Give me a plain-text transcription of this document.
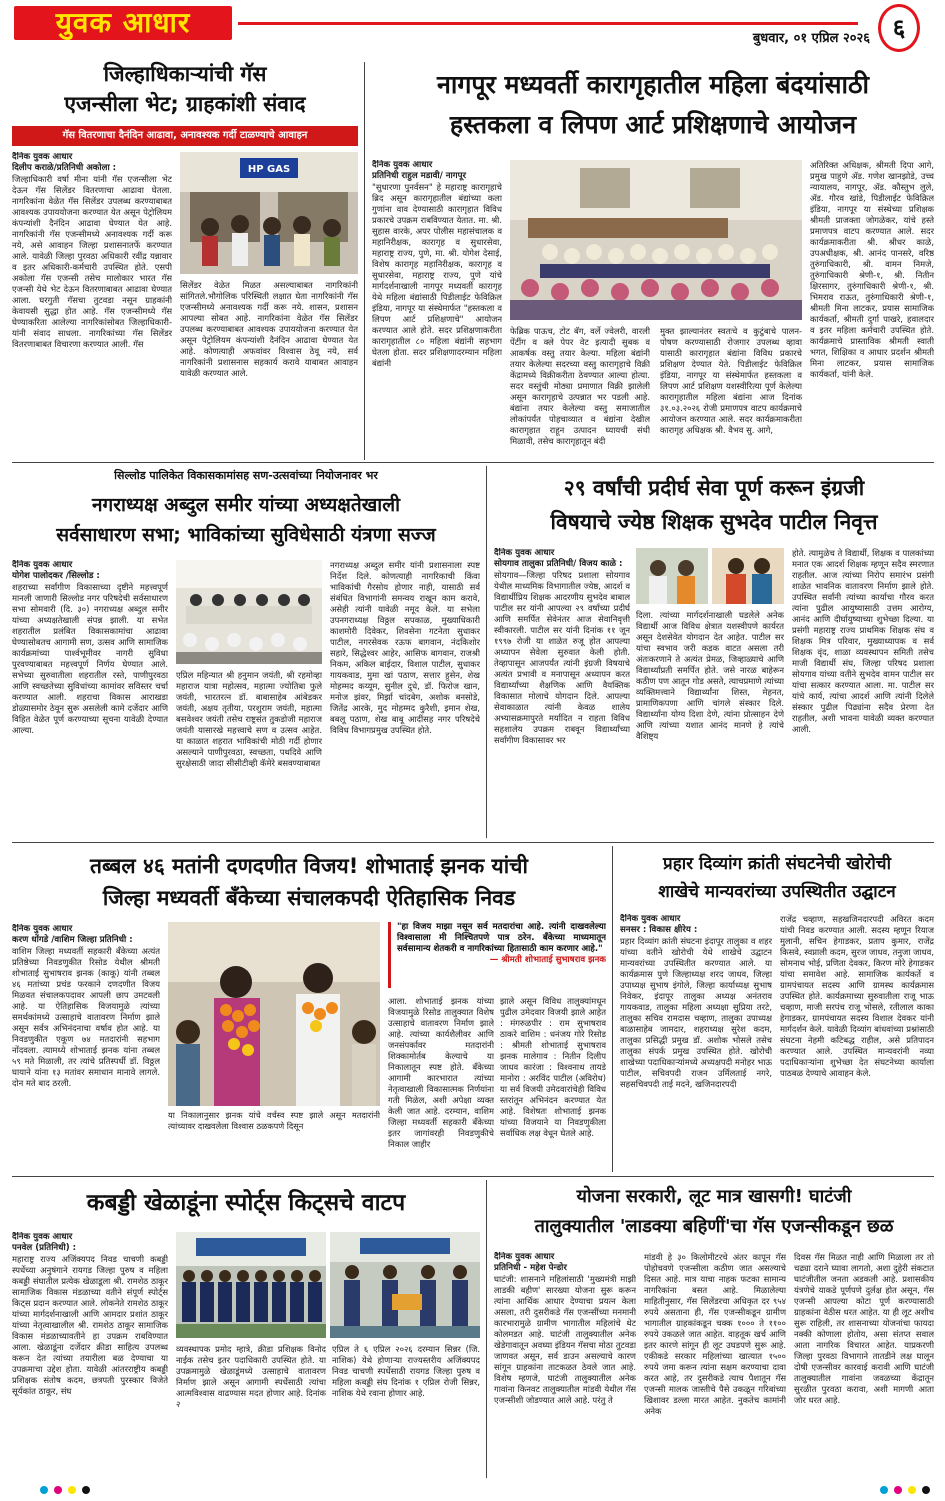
युवक आधार	बुधवार, ०१ एप्रिल २०२६ ६
जिल्हाधिकाऱ्यांची गॅस
एजन्सीला भेट; ग्राहकांशी संवाद
गॅस वितरणाचा दैनंदिन आढावा, अनावश्यक गर्दी टाळण्याचे आवाहन
दैनिक युवक आधार
दिलीप कराळे/प्रतिनिधी अकोला :
जिल्हाधिकारी वर्षा मीना यांनी गॅस एजन्सीला भेट देऊन गॅस सिलेंडर वितरणाचा आढावा घेतला. नागरिकांना वेळेत गॅस सिलेंडर उपलब्ध करण्याबाबत आवश्यक उपाययोजना करण्यात येत असून पेट्रोलियम कंपन्यांशी दैनंदिन आढावा घेण्यात येत आहे. नागरिकांनी गॅस एजन्सीमध्ये अनावश्यक गर्दी करू नये, असे आवाहन जिल्हा प्रशासनातर्फे करण्यात आले. यावेळी जिल्हा पुरवठा अधिकारी रवींद्र यन्नावार व इतर अधिकारी-कर्मचारी उपस्थित होते. एसपी अकोला गॅस एजन्सी तसेच मालोकार भारत गॅस एजन्सी येथे भेट देऊन वितरणाबाबत आढावा घेण्यात आला. घरगुती गॅसचा तुटवडा नसून ग्राहकांनी केवायसी सुद्धा होत आहे. गॅस एजन्सीमध्ये गॅस घेण्याकरिता आलेल्या नागरिकांसोबत जिल्हाधिकारी-यांनी संवाद साधला. नागरिकांच्या गॅस सिलेंडर वितरणाबाबत विचारणा करण्यात आली. गॅस
HP GAS
सिलेंडर वेळेत मिळत असल्याबाबत नागरिकांनी सांगितले.भौगोलिक परिस्थिती लक्षात घेता नागरिकांनी गॅस एजन्सीमध्ये अनावश्यक गर्दी करू नये. शासन, प्रशासन आपल्या सोबत आहे. नागरिकांना वेळेत गॅस सिलेंडर उपलब्ध करण्याबाबत आवश्यक उपाययोजना करण्यात येत असून पेट्रोलियम कंपन्यांशी दैनंदिन आढावा घेण्यात येत आहे. कोणत्याही अफवांवर विश्वास ठेवू नये, सर्व नागरिकांनी प्रशासनास सहकार्य करावे याबाबत आवाहन यावेळी करण्यात आले.
नागपूर मध्यवर्ती कारागृहातील महिला बंदयांसाठी
हस्तकला व लिपण आर्ट प्रशिक्षणाचे आयोजन
दैनिक युवक आधार
प्रतिनिधी राहुल मडावी/ नागपूर
"सुधारणा पुनर्वसन" हे महाराष्ट्र कारागृहाचे ब्रिद असून कारागृहातील बंद्यांच्या कला गुणांना वाव देण्यासाठी कारागृहात विविध प्रकारचे उपक्रम राबविण्यात येतात. मा. श्री. सुहास वारके, अपर पोलीस महासंचालक व महानिरीक्षक, कारागृह व सुधारसेवा, महाराष्ट्र राज्य, पुणे, मा. श्री. योगेश देसाई, विशेष कारागृह महानिरीक्षक, कारागृह व सुधारसेवा, महाराष्ट्र राज्य, पुणे यांचे मार्गदर्शनाखाली नागपूर मध्यवर्ती कारागृह येथे महिला बंद्यांसाठी पिडीलाईट फेविक्रिल इंडिया, नागपूर या संस्थेमार्फत "हस्तकला व लिपण आर्ट प्रशिक्षणाचे" आयोजन करण्यात आले होते. सदर प्रशिक्षणाकरीता कारागृहातील ८० महिला बंद्यांनी सहभाग घेतला होता. सदर प्रशिक्षणादरम्यान महिला बंद्यांनी
फेब्रिक पाऊच, टोट बॅग, वर्ले ज्वेलरी, वारली पेंटींग व क्ले पेपर वेट इत्यादी सुबक व आकर्षक वस्तु तयार केल्या. महिला बंद्यांनी तयार केलेल्या सदरच्या वस्तु कारागृहाचे विक्री केंद्रामध्ये विक्रीकरीता ठेवण्यात आल्या होत्या. सदर वस्तुंची मोठ्या प्रमाणात विक्री झालेली असून कारागृहाचे उत्पन्नात भर पडली आहे. बंद्यांना तयार केलेल्या वस्तु समाजातील लोकांपर्यंत पोहचाव्यात व बंद्यांना देखील कारागृहात राहून उत्पादन घ्यायची संधी मिळावी, तसेच कारागृहातून बंदी
मुक्त झाल्यानंतर स्वतःचे व कुटुंबाचे पालन-पोषण करण्यासाठी रोजगार उपलब्ध व्हावा यासाठी कारागृहात बंद्यांना विविध प्रकारचे प्रशिक्षण देण्यात येते. पिडीलाईट फेविक्रिल इंडिया, नागपूर या संस्थेमार्फत हस्तकला व लिपण आर्ट प्रशिक्षण यशस्वीरित्या पूर्ण केलेल्या कारागृहातील महिला बंद्यांना आज दिनांक ३१.०३.२०२६ रोजी प्रमाणपत्र वाटप कार्यक्रमाचे आयोजन करण्यात आले. सदर कार्यक्रमाकरीता कारागृह अधिक्षक श्री. वैभव सु. आगे,
अतिरिक्त अधिक्षक, श्रीमती दिपा आगे, प्रमुख पाहुणे ॲड. गणेश खानझोडे, उच्च न्यायालय, नागपूर, ॲड. कौस्तुभ लुले, ॲड. गौरव खांडे, पिडीलाईट फेविक्रिल इंडिया, नागपूर या संस्थेच्या प्रशिक्षक श्रीमती प्राजक्ता जोगळेकर, यांचे हस्ते प्रमाणपत्र वाटप करण्यात आले. सदर कार्यक्रमाकरीता श्री. श्रीधर काळे, उपअधीक्षक, श्री. आनंद पानसरे, वरिष्ठ तुरुंगाधिकारी, श्री. वामन निमजे, तुरुंगाधिकारी श्रेणी-१, श्री. नितीन क्षिरसागर, तुरुंगाधिकारी श्रेणी-१, श्री. भिमराव राऊत, तुरुंगाधिकारी श्रेणी-१, श्रीमती मिना लाटकर, प्रयास सामाजिक कार्यकर्ता, श्रीमती दुर्गा पाखरे, हवालदार व इतर महिला कर्मचारी उपस्थित होते. कार्यक्रमाचे प्रास्ताविक श्रीमती स्वाती भगत, शिक्षिका व आधार प्रदर्शन श्रीमती मिना लाटकर, प्रयास सामाजिक कार्यकर्ता, यांनी केले.
सिल्लोड पालिकेत विकासकामांसह सण-उत्सवांच्या नियोजनावर भर
नगराध्यक्ष अब्दुल समीर यांच्या अध्यक्षतेखाली
सर्वसाधारण सभा; भाविकांच्या सुविधेसाठी यंत्रणा सज्ज
दैनिक युवक आधार
योगेश पालोदकर /सिल्लोड :
शहराच्या सर्वांगीण विकासाच्या दृष्टीने महत्त्वपूर्ण मानली जाणारी सिल्लोड नगर परिषदेची सर्वसाधारण सभा सोमवारी (दि. ३०) नगराध्यक्ष अब्दुल समीर यांच्या अध्यक्षतेखाली संपन्न झाली. या सभेत शहरातील प्रलंबित विकासकामांचा आढावा घेण्यासोबतच आगामी सण, उत्सव आणि सामाजिक कार्यक्रमांच्या पार्श्वभूमीवर नागरी सुविधा पुरवण्याबाबत महत्त्वपूर्ण निर्णय घेण्यात आले. सभेच्या सुरुवातीला शहरातील रस्ते, पाणीपुरवठा आणि स्वच्छतेच्या सुविधांच्या कामांवर सविस्तर चर्चा करण्यात आली. शहराचा विकास आराखडा डोळ्यासमोर ठेवून सुरू असलेली कामे दर्जेदार आणि विहित वेळेत पूर्ण करण्याच्या सूचना यावेळी देण्यात आल्या.
एप्रिल महिन्यात श्री हनुमान जयंती, श्री रहमोव्हा महाराज यात्रा महोत्सव, महात्मा ज्योतिबा फुले जयंती, भारतरत्न डॉ. बाबासाहेब आंबेडकर जयंती, अक्षय तृतीया, परशुराम जयंती, महात्मा बसवेश्वर जयंती तसेच राष्ट्रसंत तुकडोजी महाराज जयंती यासारखे महत्त्वाचे सण व उत्सव आहेत. या काळात शहरात भाविकांची मोठी गर्दी होणार असल्याने पाणीपुरवठा, स्वच्छता, पथदिवे आणि सुरक्षेसाठी जादा सीसीटीव्ही कॅमेरे बसवण्याबाबत
नगराध्यक्ष अब्दुल समीर यांनी प्रशासनाला स्पष्ट निर्देश दिले. कोणत्याही नागरिकाची किंवा भाविकांची गैरसोय होणार नाही, यासाठी सर्व संबंधित विभागांनी समन्वय राखून काम करावे, असेही त्यांनी यावेळी नमूद केले. या सभेला उपनगराध्यक्ष विठ्ठल सपकाळ, मुख्याधिकारी काशमोरी दिवेकर, शिवसेना गटनेता सुधाकर पाटील, नगरसेवक रऊफ बागवान, नंदकिशोर सहारे, सिद्धेश्वर आहेर, आसिफ बागवान, राजश्री निकम, अकिल बाईदार, विशाल पाटील, सुधाकर गायकवाड, मुमा खां पठाण, सत्तार हुसेन, शेख मोहम्मद कय्यूम, सुनील दुधे, डॉ. फिरोज खान, मनोज झंवर, मिर्झा चांदबेग, अशोक बनसोडे, जितेंद्र आरके, मुद मोहम्मद कुरैशी, इमान शेख, बबलू पठाण, शेख बाबू आदींसह नगर परिषदेचे विविध विभागप्रमुख उपस्थित होते.
२९ वर्षांची प्रदीर्घ सेवा पूर्ण करून इंग्रजी
विषयाचे ज्येष्ठ शिक्षक सुभदेव पाटील निवृत्त
दैनिक युवक आधार
सोयगाव तालुका प्रतिनिधी/ विजय काळे :
सोयगाव—जिल्हा परिषद प्रशाला सोयगाव येथील माध्यमिक विभागातील ज्येष्ठ, आदर्श व विद्यार्थीप्रिय शिक्षक आदरणीय सुभदेव बाबाल पाटील सर यांनी आपल्या २९ वर्षांच्या प्रदीर्घ आणि समर्पित सेवेनंतर आज सेवानिवृत्ती स्वीकारली. पाटील सर यांनी दिनांक ११ जून १९९७ रोजी या शाळेत रुजू होत आपल्या अध्यापन सेवेला सुरुवात केली होती. तेव्हापासून आजपर्यंत त्यांनी इंग्रजी विषयाचे अत्यंत प्रभावी व मनापासून अध्यापन करत विद्यार्थ्यांच्या शैक्षणिक आणि वैयक्तिक विकासात मोलाचे योगदान दिले. आपल्या सेवाकाळात त्यांनी केवळ शालेय अभ्यासक्रमापुरते मर्यादित न राहता विविध सहशालेय उपक्रम राबवून विद्यार्थ्यांच्या सर्वांगीण विकासावर भर
दिला. त्यांच्या मार्गदर्शनाखाली घडलेले अनेक विद्यार्थी आज विविध क्षेत्रात यशस्वीपणे कार्यरत असून देशसेवेत योगदान देत आहेत. पाटील सर यांचा स्वभाव जरी कडक वाटत असला तरी अंतःकरणाने ते अत्यंत प्रेमळ, जिव्हाळ्याचे आणि विद्यार्थ्यांप्रती समर्पित होते. जसे नारळ बाहेरून कठीण पण आतून गोड असते, त्याचप्रमाणे त्यांच्या व्यक्तिमत्त्वाने विद्यार्थ्यांना शिस्त, मेहनत, प्रामाणिकपणा आणि चांगले संस्कार दिले. विद्यार्थ्यांना योग्य दिशा देणे, त्यांना प्रोत्साहन देणे आणि त्यांच्या यशात आनंद मानणे हे त्यांचे वैशिष्ट्य
होते. त्यामुळेच ते विद्यार्थी, शिक्षक व पालकांच्या मनात एक आदर्श शिक्षक म्हणून सदैव स्मरणात राहतील. आज त्यांच्या निरोप समारंभ प्रसंगी शाळेत भावनिक वातावरण निर्माण झाले होते. उपस्थित सर्वांनी त्यांच्या कार्याचा गौरव करत त्यांना पुढील आयुष्यासाठी उत्तम आरोग्य, आनंद आणि दीर्घायुष्याच्या शुभेच्छा दिल्या. या प्रसंगी महाराष्ट्र राज्य प्राथमिक शिक्षक संघ व शिक्षक मित्र परिवार, मुख्याध्यापक व सर्व शिक्षक वृंद, शाळा व्यवस्थापन समिती तसेच माजी विद्यार्थी संघ, जिल्हा परिषद प्रशाला सोयगाव यांच्या वतीने सुभदेव वामन पाटील सर यांचा सत्कार करण्यात आला. मा. पाटील सर यांचे कार्य, त्यांचा आदर्श आणि त्यांनी दिलेले संस्कार पुढील पिढ्यांना सदैव प्रेरणा देत राहतील, अशी भावना यावेळी व्यक्त करण्यात आली.
तब्बल ४६ मतांनी दणदणीत विजय! शोभाताई झनक यांची
जिल्हा मध्यवर्ती बँकेच्या संचालकपदी ऐतिहासिक निवड
दैनिक युवक आधार
करण धोंगडे /वाशिम जिल्हा प्रतिनिधी :
वाशिम जिल्हा मध्यवर्ती सहकारी बँकेच्या अत्यंत प्रतिष्ठेच्या निवडणुकीत रिसोड येथील श्रीमती शोभाताई सुभाषराव झनक (काकू) यांनी तब्बल ४६ मतांच्या प्रचंड फरकाने दणदणीत विजय मिळवत संचालकपदावर आपली छाप उमटवली आहे. या ऐतिहासिक विजयामुळे त्यांच्या समर्थकांमध्ये उत्साहाचे वातावरण निर्माण झाले असून सर्वत्र अभिनंदनाचा वर्षाव होत आहे. या निवडणुकीत एकूण ७४ मतदारांनी सहभाग नोंदवला. त्यामध्ये शोभाताई झनक यांना तब्बल ५९ मते मिळाली, तर त्यांचे प्रतिस्पर्धी डॉ. विठ्ठल घायाने यांना १३ मतांवर समाधान मानावे लागले. दोन मते बाद ठरली.
या निकालानुसार झनक यांचे वर्चस्व स्पष्ट झाले असून मतदारांनी त्यांच्यावर दाखवलेला विश्वास ठळकपणे दिसून
"हा विजय माझा नसून सर्व मतदारांचा आहे. त्यांनी दाखवलेल्या विश्वासाला मी निश्चितपणे पात्र ठरेन. बँकेच्या माध्यमातून सर्वसामान्य शेतकरी व नागरिकांच्या हितासाठी काम करणार आहे."
— श्रीमती शोभाताई सुभाषराव झनक
आला. शोभाताई झनक यांच्या विजयामुळे रिसोड तालुक्यात विशेष उत्साहाचे वातावरण निर्माण झाले आहे. त्यांच्या कार्यशैलीवर आणि जनसंपर्कावर मतदारांनी शिक्कामोर्तब केल्याचे या निकालातून स्पष्ट होते. बँकेच्या आगामी कारभारात त्यांच्या नेतृत्वाखाली विकासात्मक निर्णयांना गती मिळेल, अशी अपेक्षा व्यक्त केली जात आहे. दरम्यान, वाशिम जिल्हा मध्यवर्ती सहकारी बँकेच्या इतर जागांवरही निवडणुकीचे निकाल जाहीर
झाले असून विविध तालुक्यांमधून पुढील उमेदवार विजयी झाले आहेत : मंगरुळपीर : राम सुभाषराव ठाकरे वाशिम : धनंजय गोरे रिसोड : श्रीमती शोभाताई सुभाषराव झनक मालेगाव : नितीन दिलीप जाधव कारंजा : विश्वनाथ तायडे मानोरा : अरविंद पाटील (अविरोध) या सर्व विजयी उमेदवारांचेही विविध स्तरांतून अभिनंदन करण्यात येत आहे. विशेषतः शोभाताई झनक यांच्या विजयाने या निवडणुकीला सर्वाधिक लक्ष वेधून घेतले आहे.
प्रहार दिव्यांग क्रांती संघटनेची खोरोची
शाखेचे मान्यवरांच्या उपस्थितीत उद्घाटन
दैनिक युवक आधार
सनसर : विकास क्षीरेय :
प्रहार दिव्यांग क्रांती संघटना इंदापूर तालुका व शहर यांच्या वतीने खोरोची येथे शाखेचे उद्घाटन मान्यवरांच्या उपस्थितीत करण्यात आले. या कार्यक्रमास पुणे जिल्हाध्यक्ष शरद जाधव, जिल्हा उपाध्यक्ष सुभाष इंगोले, जिल्हा कार्याध्यक्ष सुभाष निवेकर, इंदापूर तालुका अध्यक्ष अनंतराव गायकवाड, तालुका महिला अध्यक्षा सुप्रिया तरटे, तालुका सचिव रामदास चव्हाण, तालुका उपाध्यक्ष बाळासाहेब जामदार, शहराध्यक्ष सुरेश कदम, तालुका प्रसिद्धी प्रमुख डॉ. अशोक भोसले तसेच तालुका संपर्क प्रमुख उपस्थित होते. खोरोची शाखेच्या पदाधिकाऱ्यांमध्ये अध्यक्षपदी मनोहर भाऊ पाटील, सचिवपदी राजन उर्मिलताई नगरे, सहसचिवपदी ताई मदने, खजिनदारपदी
राजेंद्र चव्हाण, सहखजिनदारपदी अविरत कदम यांची निवड करण्यात आली. सदस्य म्हणून रियाज मुलानी, सचिन हेगाडकर, प्रताप कुमार, राजेंद्र किसवे, स्वप्नाली कदम, सुरज जाधव, तनुजा जाधव, सोमनाथ भोई, प्रणिता देवकर, किरण मोरे हेगाडकर यांचा समावेश आहे. सामाजिक कार्यकर्ते व ग्रामपंचायत सदस्य आणि ग्रामस्थ कार्यक्रमास उपस्थित होते. कार्यक्रमाच्या सुरुवातीला राजू भाऊ चव्हाण, माजी सरपंच राजू भोसले, रतीलाल काका हेगाडकर, ग्रामपंचायत सदस्य विशाल देवकर यांनी मार्गदर्शन केले. यावेळी दिव्यांग बांधवांच्या प्रश्नांसाठी संघटना नेहमी कटिबद्ध राहील, असे प्रतिपादन करण्यात आले. उपस्थित मान्यवरांनी नव्या पदाधिकाऱ्यांना शुभेच्छा देत संघटनेच्या कार्याला पाठबळ देण्याचे आवाहन केले.
कबड्डी खेळाडूंना स्पोर्ट्स किट्सचे वाटप
दैनिक युवक आधार
पनवेल (प्रतिनिधी) :
महाराष्ट्र राज्य अजिंक्यपद निवड चाचणी कबड्डी स्पर्धेच्या अनुषंगाने रायगड जिल्हा पुरुष व महिला कबड्डी संघातील प्रत्येक खेळाडूला श्री. रामशेठ ठाकूर सामाजिक विकास मंडळाच्या वतीने संपूर्ण स्पोर्ट्स किट्स प्रदान करण्यात आले. लोकनेते रामशेठ ठाकूर यांच्या मार्गदर्शनाखाली आणि आमदार प्रशांत ठाकूर यांच्या नेतृत्वाखालील श्री. रामशेठ ठाकूर सामाजिक विकास मंडळाच्यावतीने हा उपक्रम राबविण्यात आला. खेळाडूंना दर्जेदार क्रीडा साहित्य उपलब्ध करून देत त्यांच्या तयारीला बळ देण्याचा या उपक्रमाचा उद्देश होता. यावेळी आंतरराष्ट्रीय कबड्डी प्रशिक्षक संतोष कदम, छत्रपती पुरस्कार विजेते सूर्यकांत ठाकूर, संघ
व्यवस्थापक प्रमोद म्हात्रे, क्रीडा प्रशिक्षक विनोद नाईक तसेच इतर पदाधिकारी उपस्थित होते. या उपक्रमामुळे खेळाडूंमध्ये उत्साहाचे वातावरण निर्माण झाले असून आगामी स्पर्धेसाठी त्यांचा आत्मविश्वास वाढण्यास मदत होणार आहे. दिनांक २
एप्रिल ते ६ एप्रिल २०२६ दरम्यान सिन्नर (जि. नाशिक) येथे होणाऱ्या राज्यस्तरीय अजिंक्यपद निवड चाचणी स्पर्धेसाठी रायगड जिल्हा पुरुष व महिला कबड्डी संघ दिनांक १ एप्रिल रोजी सिन्नर, नाशिक येथे रवाना होणार आहे.
योजना सरकारी, लूट मात्र खासगी! घाटंजी
तालुक्यातील 'लाडक्या बहिणीं'चा गॅस एजन्सीकडून छळ
दैनिक युवक आधार
प्रतिनिधी - महेश पेन्डोर
घाटंजी: शासनाने महिलांसाठी 'मुख्यमंत्री माझी लाडकी बहीण' सारख्या योजना सुरू करून त्यांना आर्थिक आधार देण्याचा प्रयत्न केला असला, तरी दुसरीकडे गॅस एजन्सींच्या मनमानी कारभारामुळे ग्रामीण भागातील महिलांचे थेट कोलमडत आहे. घाटंजी तालुक्यातील अनेक खेडेगावातून अवघ्या इंडियन गॅसचा मोठा तुटवडा जाणवत असून, सर्व डाउन असल्याचे कारण सांगून ग्राहकांना ताटकळत ठेवले जात आहे. विशेष म्हणजे, घाटंजी तालुक्यातील अनेक गावांना किनवट तालुक्यातील मांडवी येथील गॅस एजन्सीशी जोडण्यात आले आहे. परंतु ते
मांडवी हे ३० किलोमीटरचे अंतर कापून गॅस पोहोचवणे एजन्सीला कठीण जात असल्याचे दिसत आहे. मात्र याचा नाहक फटका सामान्य नागरिकांना बसत आहे. मिळालेल्या माहितीनुसार, गॅस सिलेंडरचा अधिकृत दर ९५४ रुपये असताना ही, गॅस एजन्सीकडून ग्रामीण भागातील ग्राहकांकडून चक्क १००० ते ११०० रुपये उकळले जात आहेत. वाहतूक खर्च आणि इतर कारणे सांगून ही लूट उघडपणे सुरू आहे. एकीकडे सरकार महिलांच्या खात्यात १५०० रुपये जमा करून त्यांना सक्षम करण्याचा दावा करत आहे, तर दुसरीकडे त्याच पैशातून गॅस एजन्सी मालक जास्तीचे पैसे उकळून गरिबांच्या खिशावर डल्ला मारत आहेत. नुकतेच कामांनी अनेक
दिवस गॅस मिळत नाही आणि मिळाला तर तो चढ्या दराने घ्यावा लागतो, अशा दुहेरी संकटात घाटंजीतील जनता अडकली आहे. प्रशासकीय यंत्रणेचे याकडे पूर्णपणे दुर्लक्ष होत असून, गॅस एजन्सी आपल्या कोटा पूर्ण करण्यासाठी ग्राहकांना वेठीस धरत आहेत. या ही लूट अशीच सुरू राहिली, तर शासनाच्या योजनांचा फायदा नक्की कोणाला होतोय, असा संतप्त सवाल आता नागरिक विचारत आहेत. याप्रकरणी जिल्हा पुरवठा विभागाने तातडीने लक्ष घालून दोषी एजन्सीवर कारवाई करावी आणि घाटंजी तालुक्यातील गावांना जवळच्या केंद्रातून सुरळीत पुरवठा करावा, अशी मागणी आता जोर धरत आहे.
